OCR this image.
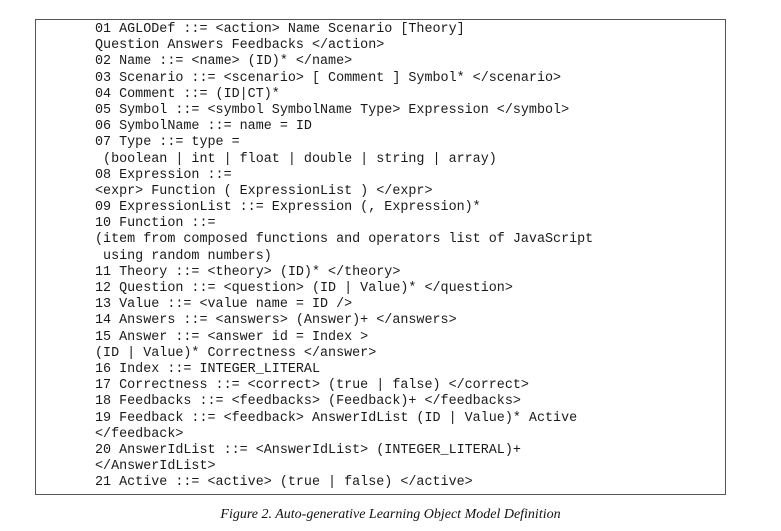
01 AGLODef ::= <action> Name Scenario [Theory]
Question Answers Feedbacks </action>
02 Name ::= <name> (ID)* </name>
03 Scenario ::= <scenario> [ Comment ] Symbol* </scenario>
04 Comment ::= (ID|CT)*
05 Symbol ::= <symbol SymbolName Type> Expression </symbol>
06 SymbolName ::= name = ID
07 Type ::= type =
(boolean | int | float | double | string | array)
08 Expression ::=
<expr> Function ( ExpressionList ) </expr>
09 ExpressionList ::= Expression (, Expression)*
10 Function ::=
(item from composed functions and operators list of JavaScript
using random numbers)
11 Theory ::= <theory> (ID)* </theory>
12 Question ::= <question> (ID | Value)* </question>
13 Value ::= <value name = ID />
14 Answers ::= <answers> (Answer)+ </answers>
15 Answer ::= <answer id = Index >
(ID | Value)* Correctness </answer>
16 Index ::= INTEGER_LITERAL
17 Correctness ::= <correct> (true | false) </correct>
18 Feedbacks ::= <feedbacks> (Feedback)+ </feedbacks>
19 Feedback ::= <feedback> AnswerIdList (ID | Value)* Active
</feedback>
20 AnswerIdList ::= <AnswerIdList> (INTEGER_LITERAL)+
</AnswerIdList>
21 Active ::= <active> (true | false) </active>
Figure 2. Auto-generative Learning Object Model Definition
